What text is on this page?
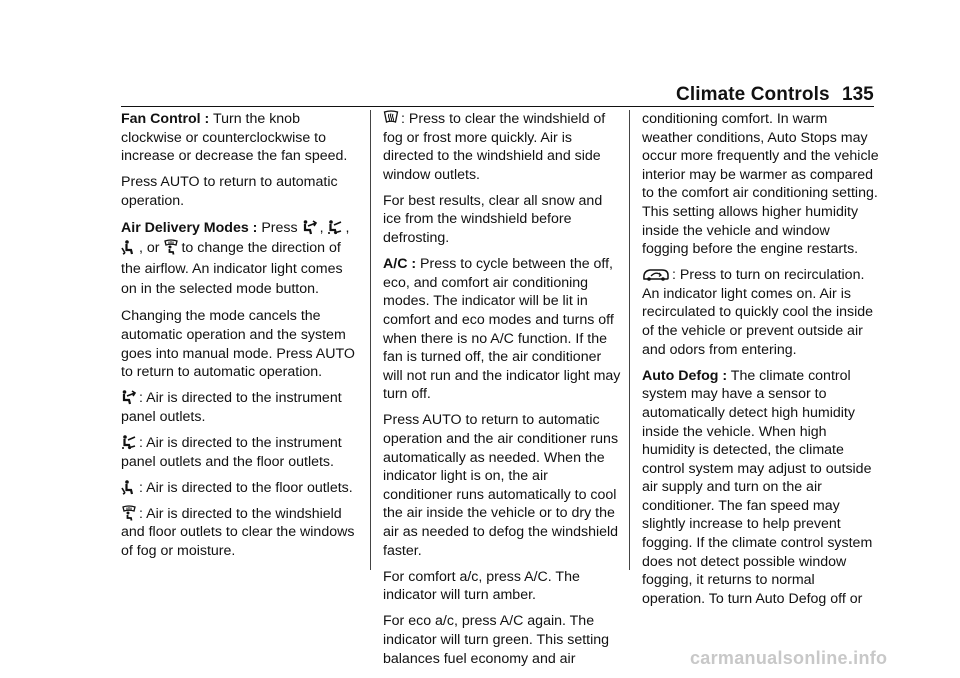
Climate Controls 135

Fan Control : Turn the knob clockwise or counterclockwise to increase or decrease the fan speed.

Press AUTO to return to automatic operation.

Air Delivery Modes : Press , ,
, or to change the direction of the airflow. An indicator light comes on in the selected mode button.

Changing the mode cancels the automatic operation and the system goes into manual mode. Press AUTO to return to automatic operation.

: Air is directed to the instrument panel outlets.

: Air is directed to the instrument panel outlets and the floor outlets.

: Air is directed to the floor outlets.

: Air is directed to the windshield and floor outlets to clear the windows of fog or moisture.

: Press to clear the windshield of fog or frost more quickly. Air is directed to the windshield and side window outlets.

For best results, clear all snow and ice from the windshield before defrosting.

A/C : Press to cycle between the off, eco, and comfort air conditioning modes. The indicator will be lit in comfort and eco modes and turns off when there is no A/C function. If the fan is turned off, the air conditioner will not run and the indicator light may turn off.

Press AUTO to return to automatic operation and the air conditioner runs automatically as needed. When the indicator light is on, the air conditioner runs automatically to cool the air inside the vehicle or to dry the air as needed to defog the windshield faster.

For comfort a/c, press A/C. The indicator will turn amber.

For eco a/c, press A/C again. The indicator will turn green. This setting balances fuel economy and air

conditioning comfort. In warm weather conditions, Auto Stops may occur more frequently and the vehicle interior may be warmer as compared to the comfort air conditioning setting. This setting allows higher humidity inside the vehicle and window fogging before the engine restarts.

: Press to turn on recirculation. An indicator light comes on. Air is recirculated to quickly cool the inside of the vehicle or prevent outside air and odors from entering.

Auto Defog : The climate control system may have a sensor to automatically detect high humidity inside the vehicle. When high humidity is detected, the climate control system may adjust to outside air supply and turn on the air conditioner. The fan speed may slightly increase to help prevent fogging. If the climate control system does not detect possible window fogging, it returns to normal operation. To turn Auto Defog off or

carmanualsonline.info
